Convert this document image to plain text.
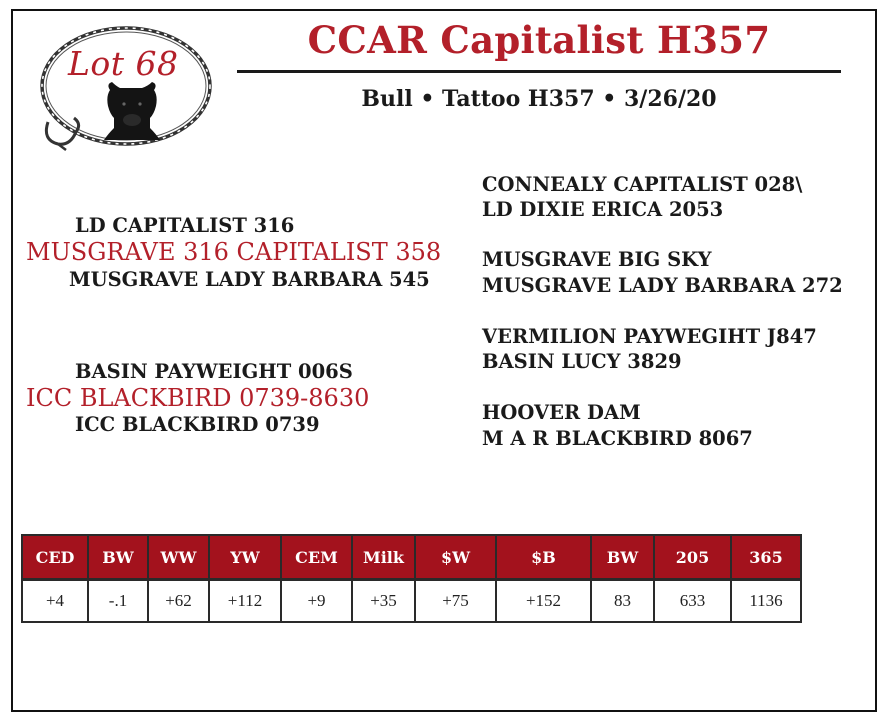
Lot 68
CCAR Capitalist H357
Bull • Tattoo H357 • 3/26/20
LD CAPITALIST 316
MUSGRAVE 316 CAPITALIST 358
MUSGRAVE LADY BARBARA 545
CONNEALY CAPITALIST 028\
LD DIXIE ERICA 2053
MUSGRAVE BIG SKY
MUSGRAVE LADY BARBARA 272
BASIN PAYWEIGHT 006S
ICC BLACKBIRD 0739-8630
ICC BLACKBIRD 0739
VERMILION PAYWEGIHT J847
BASIN LUCY 3829
HOOVER DAM
M A R BLACKBIRD 8067
CED	BW	WW	YW	CEM	Milk	$W	$B	BW	205	365
+4	-.1	+62	+112	+9	+35	+75	+152	83	633	1136
